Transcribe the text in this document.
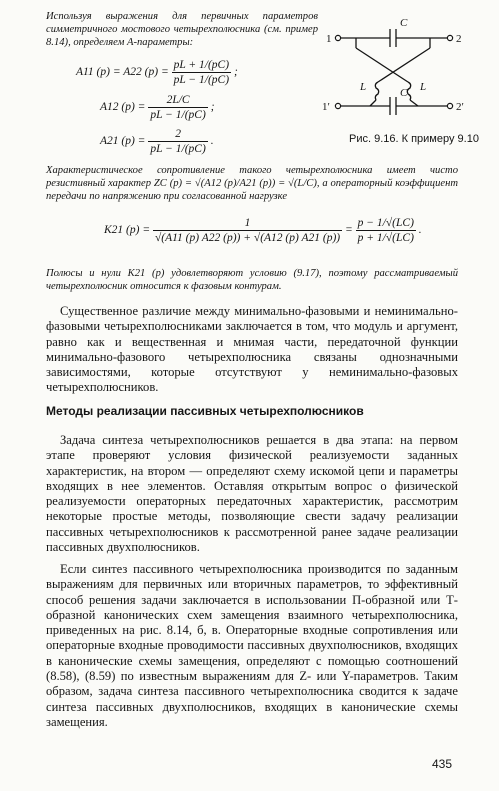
Используя выражения для первичных параметров симметричного мостового четырехполюсника (см. пример 8.14), определяем A-параметры:
A11 (p) = A22 $(p) = \frac{pL + 1/(pC)}{pL - 1/(pC)}$ ;
A12 $(p) = \frac{2L/C}{pL - 1/(pC)}$ ;
A21 $(p) = \frac{2}{pL - 1/(pC)}$ .
1	2
1′	2′
C
C
L	L
Рис. 9.16. К примеру 9.10
Характеристическое сопротивление такого четырехполюсника имеет чисто резистивный характер ZC (p) = √(A12 (p)/A21 (p)) = √(L/C), а операторный коэффициент передачи по напряжению при согласованной нагрузке
K21 $(p) = \frac{1}{√(A11 (p) A22 (p)) + √(A12 (p) A21 (p))} = \frac{p - 1/√(LC)}{p + 1/√(LC)}$ .
Полюсы и нули K21 (p) удовлетворяют условию (9.17), поэтому рассматриваемый четырехполюсник относится к фазовым контурам.
Существенное различие между минимально-фазовыми и неминимально-фазовыми четырехполюсниками заключается в том, что модуль и аргумент, равно как и вещественная и мнимая части, передаточной функции минимально-фазового четырехполюсника связаны однозначными зависимостями, которые отсутствуют у неминимально-фазовых четырехполюсников.
Методы реализации пассивных четырехполюсников
Задача синтеза четырехполюсников решается в два этапа: на первом этапе проверяют условия физической реализуемости заданных характеристик, на втором — определяют схему искомой цепи и параметры входящих в нее элементов. Оставляя открытым вопрос о физической реализуемости операторных передаточных характеристик, рассмотрим некоторые простые методы, позволяющие свести задачу реализации пассивных четырехполюсников к рассмотренной ранее задаче реализации пассивных двухполюсников.
Если синтез пассивного четырехполюсника производится по заданным выражениям для первичных или вторичных параметров, то эффективный способ решения задачи заключается в использовании П-образной или Т-образной канонических схем замещения взаимного четырехполюсника, приведенных на рис. 8.14, б, в. Операторные входные сопротивления или операторные входные проводимости пассивных двухполюсников, входящих в канонические схемы замещения, определяют с помощью соотношений (8.58), (8.59) по известным выражениям для Z- или Y-параметров. Таким образом, задача синтеза пассивного четырехполюсника сводится к задаче синтеза пассивных двухполюсников, входящих в канонические схемы замещения.
435
